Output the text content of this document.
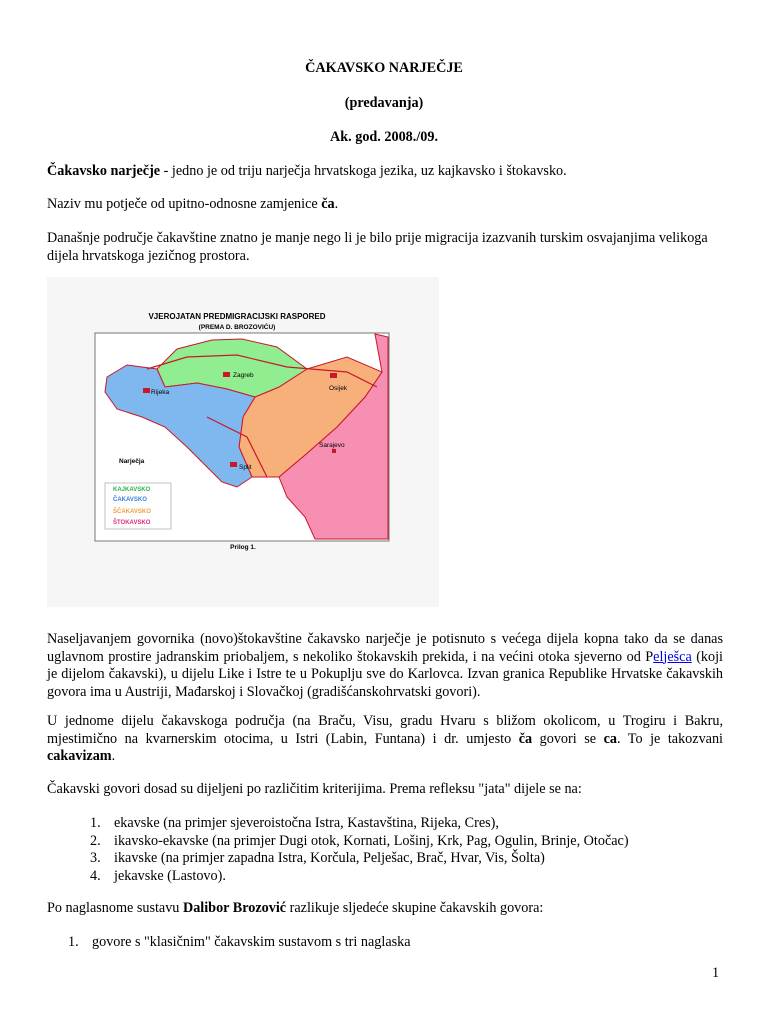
ČAKAVSKO NARJEČJE
(predavanja)
Ak. god. 2008./09.
Čakavsko narječje - jedno je od triju narječja hrvatskoga jezika, uz kajkavsko i štokavsko.
Naziv mu potječe od upitno-odnosne zamjenice ča.
Današnje područje čakavštine znatno je manje nego li je bilo prije migracija izazvanih turskim osvajanjima velikoga dijela hrvatskoga jezičnog prostora.
VJEROJATAN PREDMIGRACIJSKI RASPORED
(PREMA D. BROZOVIĆU)
Zagreb
Rijeka
Osijek
Sarajevo
Split
Narječja
KAJKAVSKO
ČAKAVSKO
ŠČAKAVSKO
ŠTOKAVSKO
Prilog 1.
Naseljavanjem govornika (novo)štokavštine čakavsko narječje je potisnuto s većega dijela kopna tako da se danas uglavnom prostire jadranskim priobaljem, s nekoliko štokavskih prekida, i na većini otoka sjeverno od Pelješca (koji je dijelom čakavski), u dijelu Like i Istre te u Pokuplju sve do Karlovca. Izvan granica Republike Hrvatske čakavskih govora ima u Austriji, Mađarskoj i Slovačkoj (gradišćanskohrvatski govori).
U jednome dijelu čakavskoga područja (na Braču, Visu, gradu Hvaru s bližom okolicom, u Trogiru i Bakru, mjestimično na kvarnerskim otocima, u Istri (Labin, Funtana) i dr. umjesto ča govori se ca. To je takozvani cakavizam.
Čakavski govori dosad su dijeljeni po različitim kriterijima. Prema refleksu "jata" dijele se na:
1. ekavske (na primjer sjeveroistočna Istra, Kastavština, Rijeka, Cres),
2. ikavsko-ekavske (na primjer Dugi otok, Kornati, Lošinj, Krk, Pag, Ogulin, Brinje, Otočac)
3. ikavske (na primjer zapadna Istra, Korčula, Pelješac, Brač, Hvar, Vis, Šolta)
4. jekavske (Lastovo).
Po naglasnome sustavu Dalibor Brozović razlikuje sljedeće skupine čakavskih govora:
1. govore s "klasičnim" čakavskim sustavom s tri naglaska
1
